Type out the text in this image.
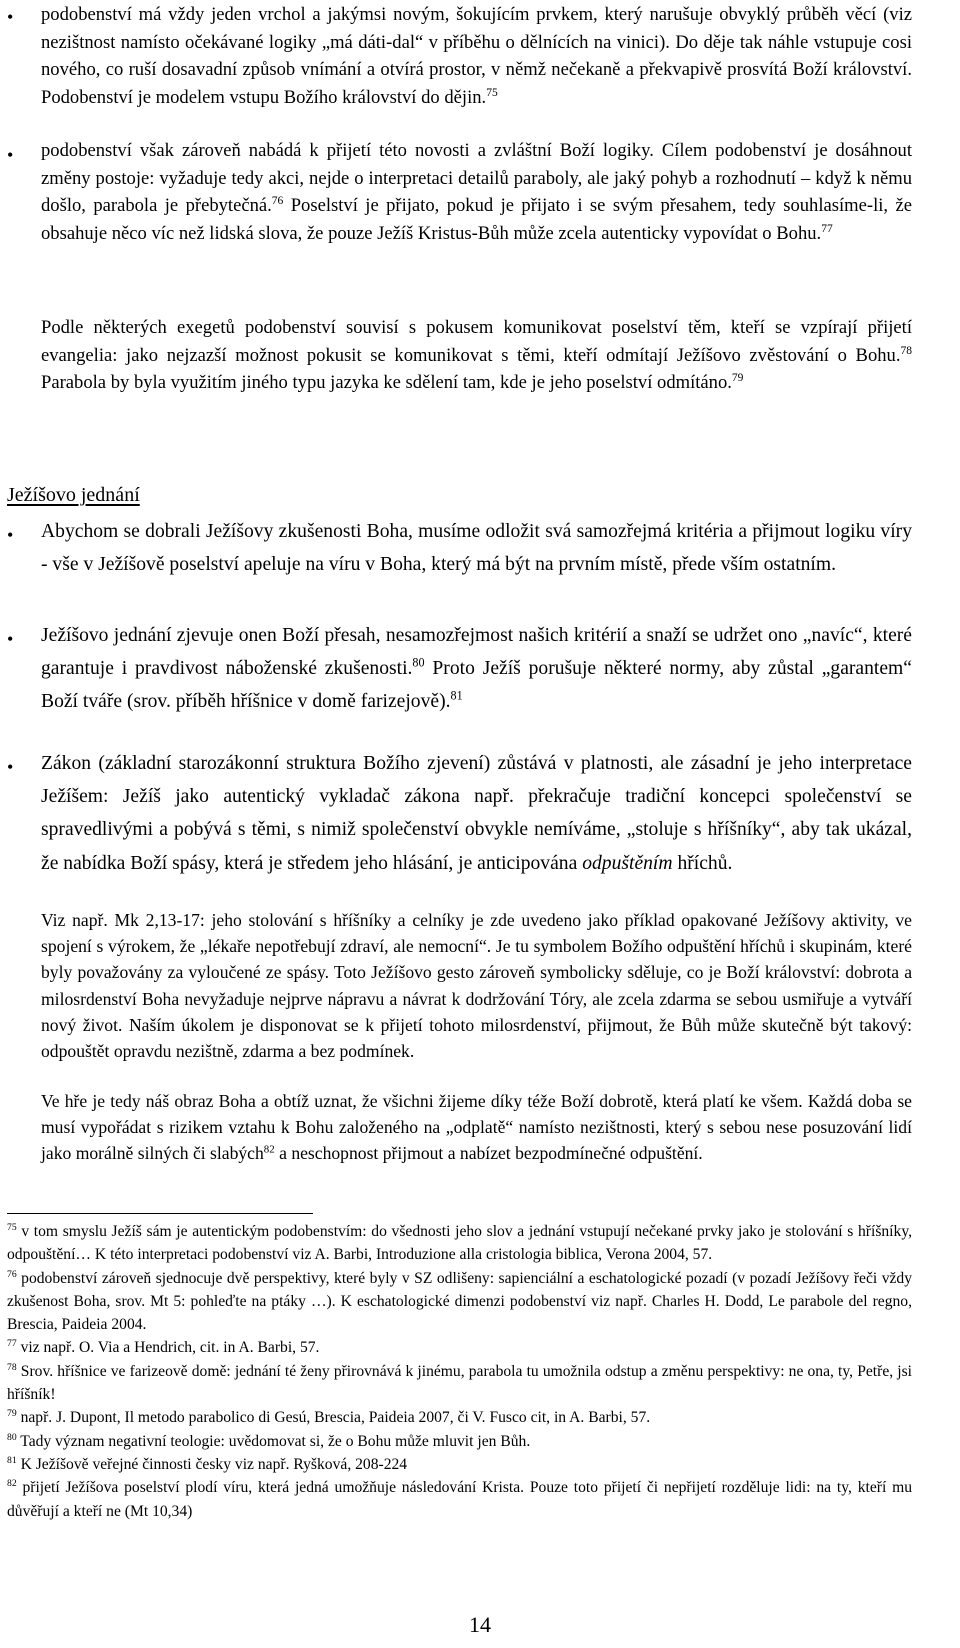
• podobenství má vždy jeden vrchol a jakýmsi novým, šokujícím prvkem, který narušuje obvyklý průběh věcí (viz nezištnost namísto očekávané logiky „má dáti-dal“ v příběhu o dělnících na vinici). Do děje tak náhle vstupuje cosi nového, co ruší dosavadní způsob vnímání a otvírá prostor, v němž nečekaně a překvapivě prosvítá Boží království. Podobenství je modelem vstupu Božího království do dějin.$^{75}$

• podobenství však zároveň nabádá k přijetí této novosti a zvláštní Boží logiky. Cílem podobenství je dosáhnout změny postoje: vyžaduje tedy akci, nejde o interpretaci detailů paraboly, ale jaký pohyb a rozhodnutí – když k němu došlo, parabola je přebytečná.$^{76}$ Poselství je přijato, pokud je přijato i se svým přesahem, tedy souhlasíme-li, že obsahuje něco víc než lidská slova, že pouze Ježíš Kristus-Bůh může zcela autenticky vypovídat o Bohu.$^{77}$

Podle některých exegetů podobenství souvisí s pokusem komunikovat poselství těm, kteří se vzpírají přijetí evangelia: jako nejzazší možnost pokusit se komunikovat s těmi, kteří odmítají Ježíšovo zvěstování o Bohu.$^{78}$ Parabola by byla využitím jiného typu jazyka ke sdělení tam, kde je jeho poselství odmítáno.$^{79}$

Ježíšovo jednání
• Abychom se dobrali Ježíšovy zkušenosti Boha, musíme odložit svá samozřejmá kritéria a přijmout logiku víry - vše v Ježíšově poselství apeluje na víru v Boha, který má být na prvním místě, přede vším ostatním.

• Ježíšovo jednání zjevuje onen Boží přesah, nesamozřejmost našich kritérií a snaží se udržet ono „navíc“, které garantuje i pravdivost náboženské zkušenosti.$^{80}$ Proto Ježíš porušuje některé normy, aby zůstal „garantem“ Boží tváře (srov. příběh hříšnice v domě farizejově).$^{81}$

• Zákon (základní starozákonní struktura Božího zjevení) zůstává v platnosti, ale zásadní je jeho interpretace Ježíšem: Ježíš jako autentický vykladač zákona např. překračuje tradiční koncepci společenství se spravedlivými a pobývá s těmi, s nimiž společenství obvykle nemíváme, „stoluje s hříšníky“, aby tak ukázal, že nabídka Boží spásy, která je středem jeho hlásání, je anticipována odpuštěním hříchů.

Viz např. Mk 2,13-17: jeho stolování s hříšníky a celníky je zde uvedeno jako příklad opakované Ježíšovy aktivity, ve spojení s výrokem, že „lékaře nepotřebují zdraví, ale nemocní“. Je tu symbolem Božího odpuštění hříchů i skupinám, které byly považovány za vyloučené ze spásy. Toto Ježíšovo gesto zároveň symbolicky sděluje, co je Boží království: dobrota a milosrdenství Boha nevyžaduje nejprve nápravu a návrat k dodržování Tóry, ale zcela zdarma se sebou usmiřuje a vytváří nový život. Naším úkolem je disponovat se k přijetí tohoto milosrdenství, přijmout, že Bůh může skutečně být takový: odpouštět opravdu nezištně, zdarma a bez podmínek.

Ve hře je tedy náš obraz Boha a obtíž uznat, že všichni žijeme díky téže Boží dobrotě, která platí ke všem. Každá doba se musí vypořádat s rizikem vztahu k Bohu založeného na „odplatě“ namísto nezištnosti, který s sebou nese posuzování lidí jako morálně silných či slabých$^{82}$ a neschopnost přijmout a nabízet bezpodmínečné odpuštění.

$^{75}$ v tom smyslu Ježíš sám je autentickým podobenstvím: do všednosti jeho slov a jednání vstupují nečekané prvky jako je stolování s hříšníky, odpouštění… K této interpretaci podobenství viz A. Barbi, Introduzione alla cristologia biblica, Verona 2004, 57.

$^{76}$ podobenství zároveň sjednocuje dvě perspektivy, které byly v SZ odlišeny: sapienciální a eschatologické pozadí (v pozadí Ježíšovy řeči vždy zkušenost Boha, srov. Mt 5: pohleďte na ptáky …). K eschatologické dimenzi podobenství viz např. Charles H. Dodd, Le parabole del regno, Brescia, Paideia 2004.

$^{77}$ viz např. O. Via a Hendrich, cit. in A. Barbi, 57.

$^{78}$ Srov. hříšnice ve farizeově domě: jednání té ženy přirovnává k jinému, parabola tu umožnila odstup a změnu perspektivy: ne ona, ty, Petře, jsi hříšník!

$^{79}$ např. J. Dupont, Il metodo parabolico di Gesú, Brescia, Paideia 2007, či V. Fusco cit, in A. Barbi, 57.

$^{80}$ Tady význam negativní teologie: uvědomovat si, že o Bohu může mluvit jen Bůh.

$^{81}$ K Ježíšově veřejné činnosti česky viz např. Ryšková, 208-224

$^{82}$ přijetí Ježíšova poselství plodí víru, která jedná umožňuje následování Krista. Pouze toto přijetí či nepřijetí rozděluje lidi: na ty, kteří mu důvěřují a kteří ne (Mt 10,34)

14
